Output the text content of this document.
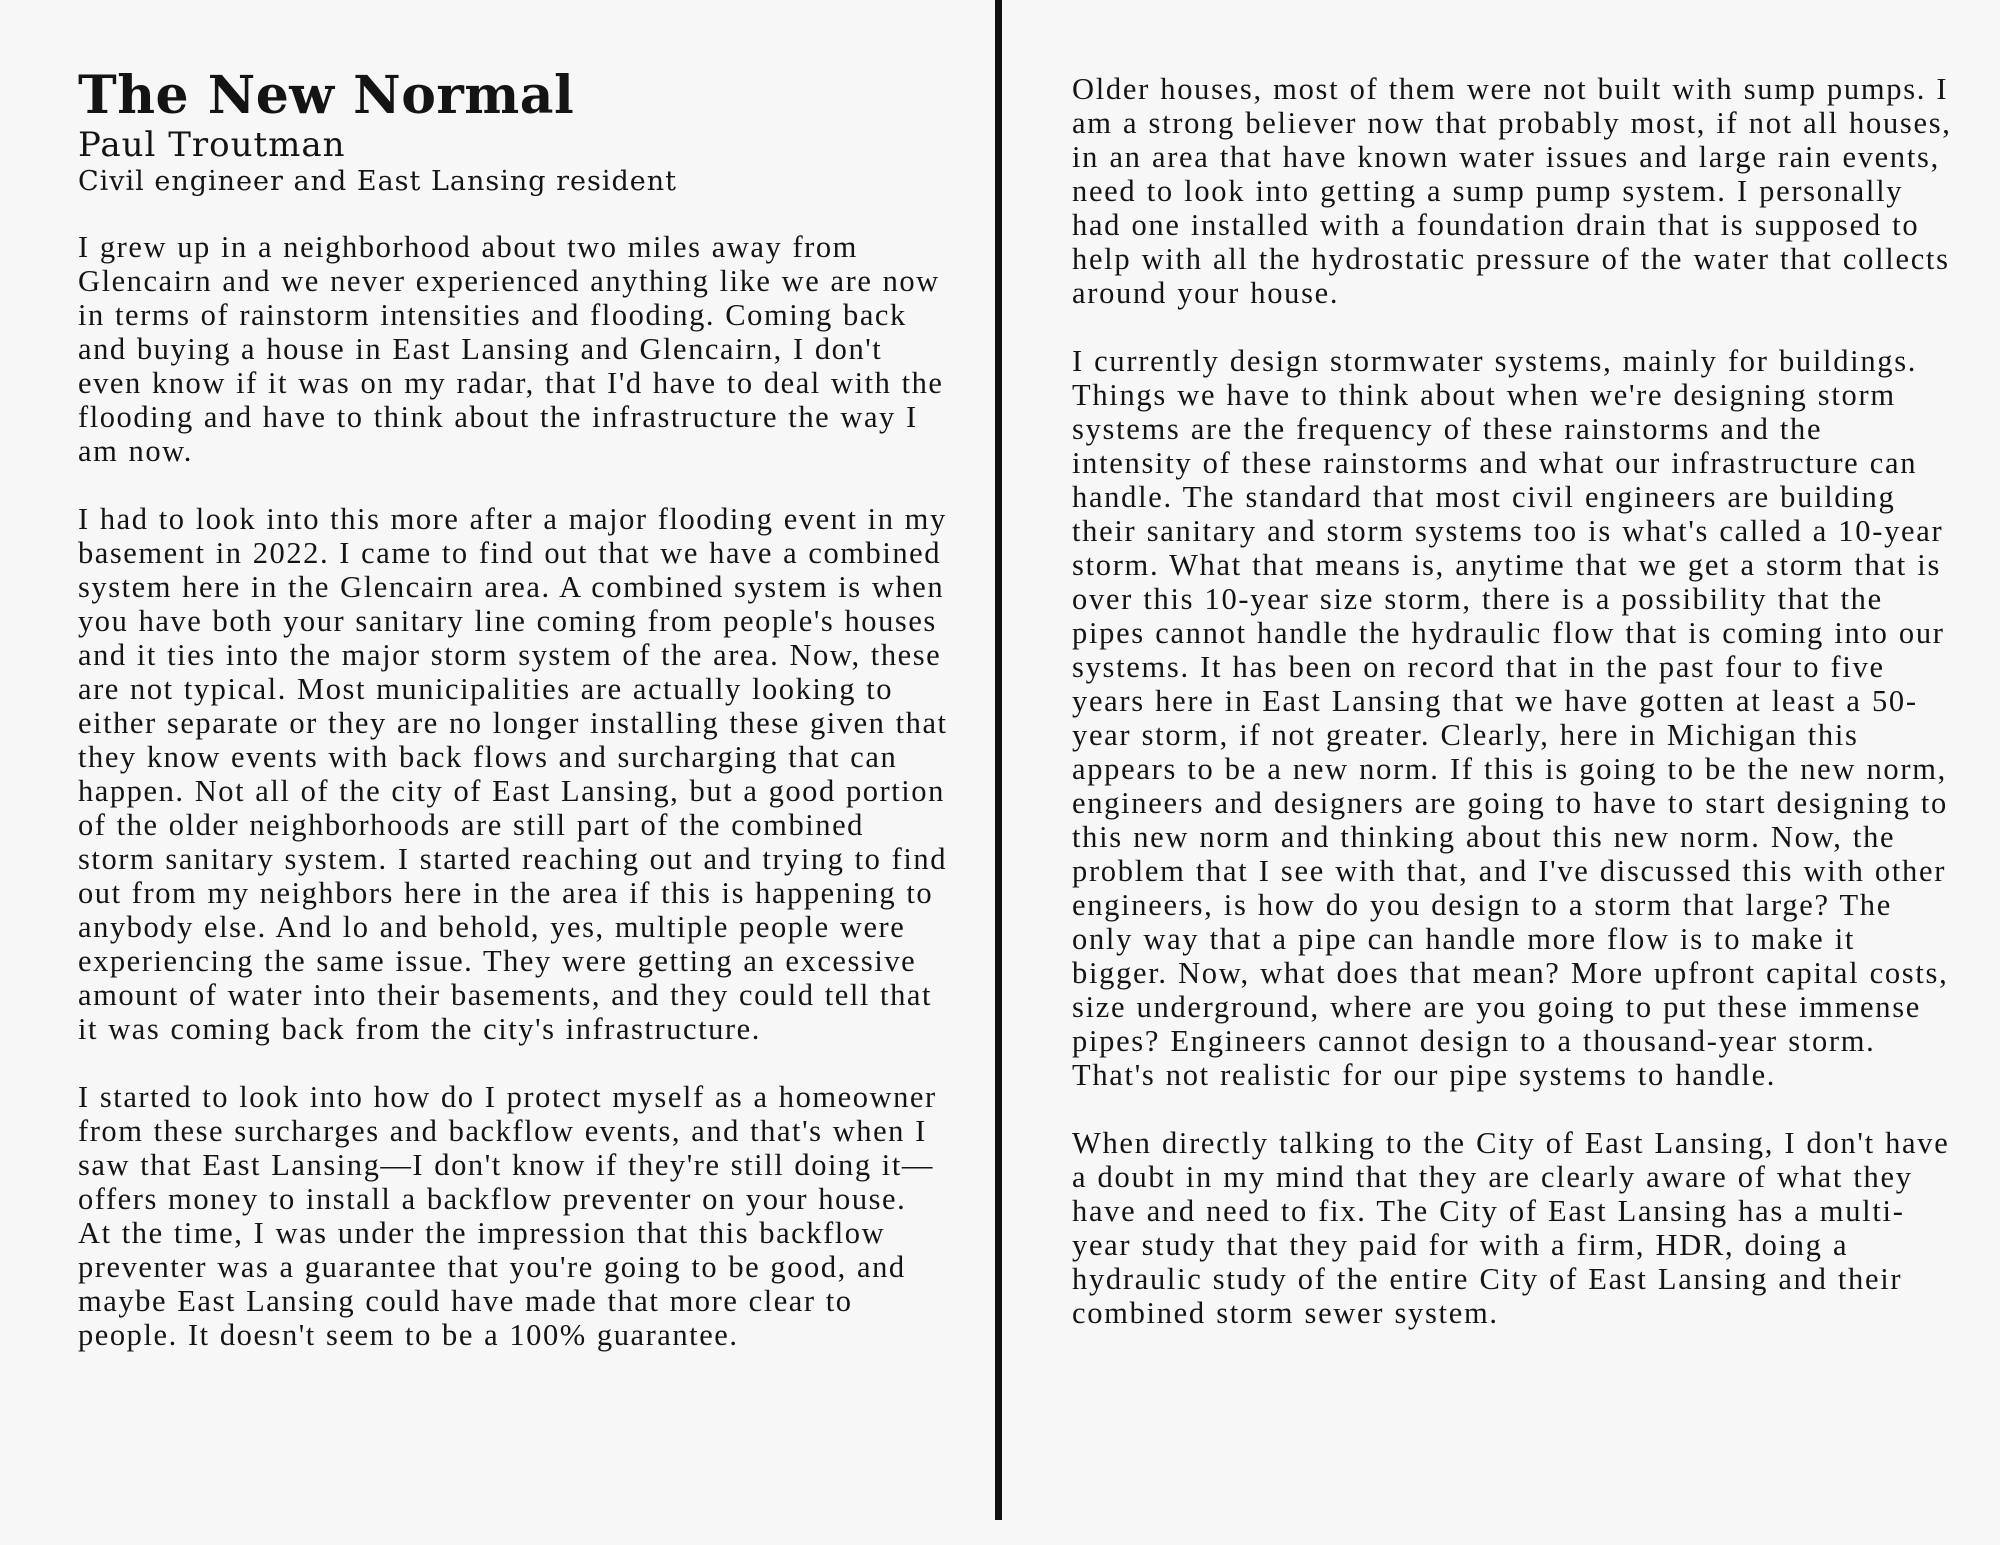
The New Normal

Paul Troutman

Civil engineer and East Lansing resident

I grew up in a neighborhood about two miles away from Glencairn and we never experienced anything like we are now in terms of rainstorm intensities and flooding. Coming back and buying a house in East Lansing and Glencairn, I don't even know if it was on my radar, that I'd have to deal with the flooding and have to think about the infrastructure the way I am now.

I had to look into this more after a major flooding event in my basement in 2022. I came to find out that we have a combined system here in the Glencairn area. A combined system is when you have both your sanitary line coming from people's houses and it ties into the major storm system of the area. Now, these are not typical. Most municipalities are actually looking to either separate or they are no longer installing these given that they know events with back flows and surcharging that can happen. Not all of the city of East Lansing, but a good portion of the older neighborhoods are still part of the combined storm sanitary system. I started reaching out and trying to find out from my neighbors here in the area if this is happening to anybody else. And lo and behold, yes, multiple people were experiencing the same issue. They were getting an excessive amount of water into their basements, and they could tell that it was coming back from the city's infrastructure.

I started to look into how do I protect myself as a homeowner from these surcharges and backflow events, and that's when I saw that East Lansing—I don't know if they're still doing it—offers money to install a backflow preventer on your house. At the time, I was under the impression that this backflow preventer was a guarantee that you're going to be good, and maybe East Lansing could have made that more clear to people. It doesn't seem to be a 100% guarantee.

Older houses, most of them were not built with sump pumps. I am a strong believer now that probably most, if not all houses, in an area that have known water issues and large rain events, need to look into getting a sump pump system. I personally had one installed with a foundation drain that is supposed to help with all the hydrostatic pressure of the water that collects around your house.

I currently design stormwater systems, mainly for buildings. Things we have to think about when we're designing storm systems are the frequency of these rainstorms and the intensity of these rainstorms and what our infrastructure can handle. The standard that most civil engineers are building their sanitary and storm systems too is what's called a 10-year storm. What that means is, anytime that we get a storm that is over this 10-year size storm, there is a possibility that the pipes cannot handle the hydraulic flow that is coming into our systems. It has been on record that in the past four to five years here in East Lansing that we have gotten at least a 50-year storm, if not greater. Clearly, here in Michigan this appears to be a new norm. If this is going to be the new norm, engineers and designers are going to have to start designing to this new norm and thinking about this new norm. Now, the problem that I see with that, and I've discussed this with other engineers, is how do you design to a storm that large? The only way that a pipe can handle more flow is to make it bigger. Now, what does that mean? More upfront capital costs, size underground, where are you going to put these immense pipes? Engineers cannot design to a thousand-year storm. That's not realistic for our pipe systems to handle.

When directly talking to the City of East Lansing, I don't have a doubt in my mind that they are clearly aware of what they have and need to fix. The City of East Lansing has a multi-year study that they paid for with a firm, HDR, doing a hydraulic study of the entire City of East Lansing and their combined storm sewer system.
